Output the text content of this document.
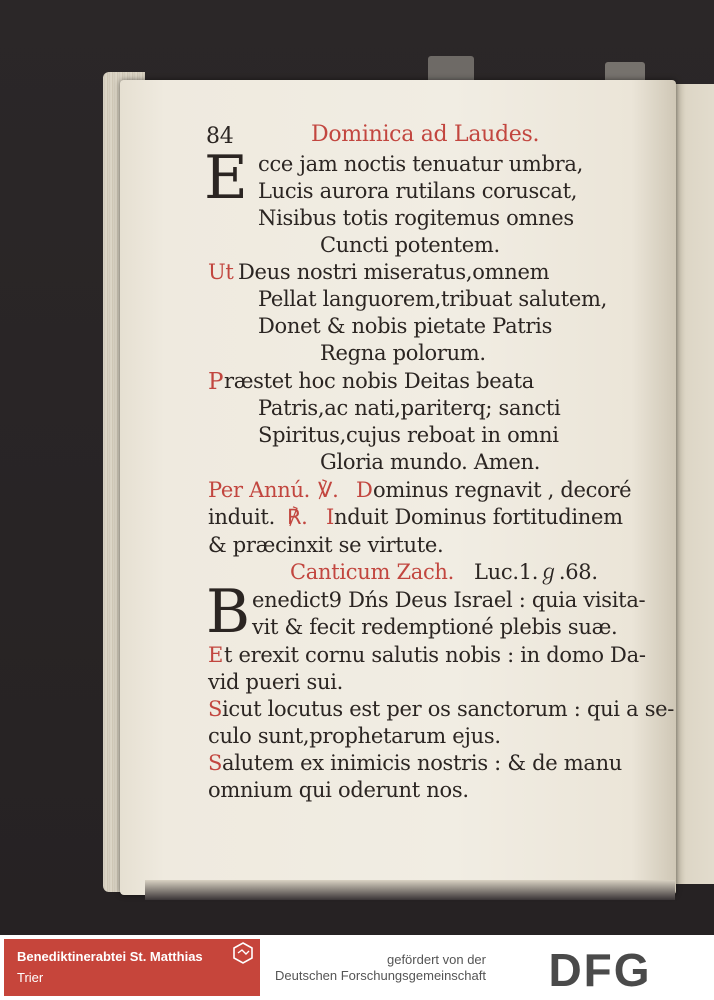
84	Dominica ad Laudes.
E cce jam noctis tenuatur umbra,
Lucis aurora rutilans coruscat,
Nisibus totis rogitemus omnes
Cuncti potentem.
Ut Deus nostri miseratus,omnem
Pellat languorem,tribuat salutem,
Donet & nobis pietate Patris
Regna polorum.
P ræstet hoc nobis Deitas beata
Patris,ac nati,pariterq; sancti
Spiritus,cujus reboat in omni
Gloria mundo. Amen.
Per Annú. ℣. D ominus regnavit , decoré
induit. ℟. I nduit Dominus fortitudinem
& præcinxit se virtute.
Canticum Zach. Luc.1.ℊ.68.
B enedict9 Dńs Deus Israel : quia visita-
vit & fecit redemptioné plebis suæ.
E t erexit cornu salutis nobis : in domo Da-
vid pueri sui.
S icut locutus est per os sanctorum : qui a se-
culo sunt,prophetarum ejus.
S alutem ex inimicis nostris : & de manu
omnium qui oderunt nos.
Benediktinerabtei St. Matthias
Trier
gefördert von der
Deutschen Forschungsgemeinschaft DFG
